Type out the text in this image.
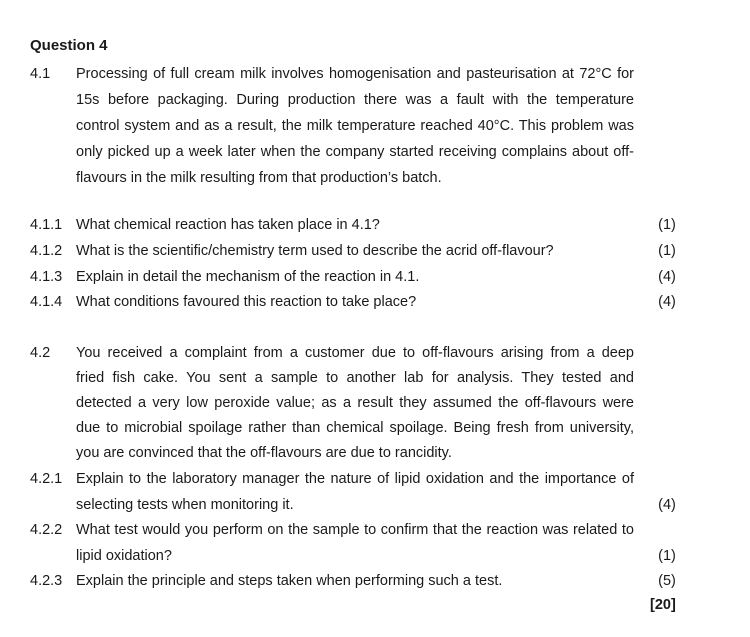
Question 4
4.1 Processing of full cream milk involves homogenisation and pasteurisation at 72°C for
15s before packaging. During production there was a fault with the temperature
control system and as a result, the milk temperature reached 40°C. This problem was
only picked up a week later when the company started receiving complains about off-
flavours in the milk resulting from that production’s batch.
4.1.1 What chemical reaction has taken place in 4.1?	(1)
4.1.2 What is the scientific/chemistry term used to describe the acrid off-flavour?	(1)
4.1.3 Explain in detail the mechanism of the reaction in 4.1.	(4)
4.1.4 What conditions favoured this reaction to take place?	(4)
4.2 You received a complaint from a customer due to off-flavours arising from a deep
fried fish cake. You sent a sample to another lab for analysis. They tested and
detected a very low peroxide value; as a result they assumed the off-flavours were
due to microbial spoilage rather than chemical spoilage. Being fresh from university,
you are convinced that the off-flavours are due to rancidity.
4.2.1 Explain to the laboratory manager the nature of lipid oxidation and the importance of
selecting tests when monitoring it.	(4)
4.2.2 What test would you perform on the sample to confirm that the reaction was related to
lipid oxidation?	(1)
4.2.3 Explain the principle and steps taken when performing such a test.	(5)
[20]
